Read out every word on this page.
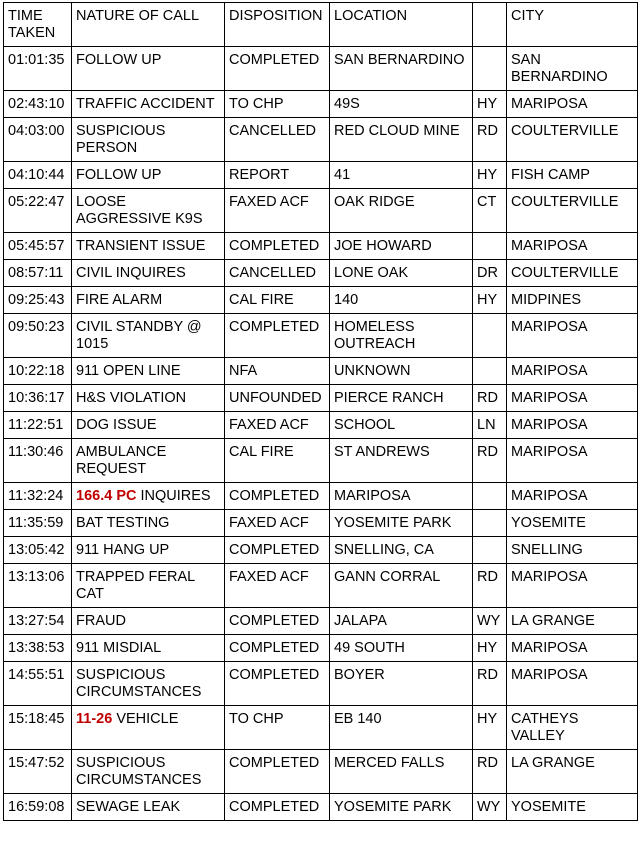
TIME TAKEN	NATURE OF CALL	DISPOSITION	LOCATION		CITY
01:01:35	FOLLOW UP	COMPLETED	SAN BERNARDINO		SAN BERNARDINO
02:43:10	TRAFFIC ACCIDENT	TO CHP	49S	HY	MARIPOSA
04:03:00	SUSPICIOUS PERSON	CANCELLED	RED CLOUD MINE	RD	COULTERVILLE
04:10:44	FOLLOW UP	REPORT	41	HY	FISH CAMP
05:22:47	LOOSE AGGRESSIVE K9S	FAXED ACF	OAK RIDGE	CT	COULTERVILLE
05:45:57	TRANSIENT ISSUE	COMPLETED	JOE HOWARD		MARIPOSA
08:57:11	CIVIL INQUIRES	CANCELLED	LONE OAK	DR	COULTERVILLE
09:25:43	FIRE ALARM	CAL FIRE	140	HY	MIDPINES
09:50:23	CIVIL STANDBY @ 1015	COMPLETED	HOMELESS OUTREACH		MARIPOSA
10:22:18	911 OPEN LINE	NFA	UNKNOWN		MARIPOSA
10:36:17	H&S VIOLATION	UNFOUNDED	PIERCE RANCH	RD	MARIPOSA
11:22:51	DOG ISSUE	FAXED ACF	SCHOOL	LN	MARIPOSA
11:30:46	AMBULANCE REQUEST	CAL FIRE	ST ANDREWS	RD	MARIPOSA
11:32:24	166.4 PC INQUIRES	COMPLETED	MARIPOSA		MARIPOSA
11:35:59	BAT TESTING	FAXED ACF	YOSEMITE PARK		YOSEMITE
13:05:42	911 HANG UP	COMPLETED	SNELLING, CA		SNELLING
13:13:06	TRAPPED FERAL CAT	FAXED ACF	GANN CORRAL	RD	MARIPOSA
13:27:54	FRAUD	COMPLETED	JALAPA	WY	LA GRANGE
13:38:53	911 MISDIAL	COMPLETED	49 SOUTH	HY	MARIPOSA
14:55:51	SUSPICIOUS CIRCUMSTANCES	COMPLETED	BOYER	RD	MARIPOSA
15:18:45	11-26 VEHICLE	TO CHP	EB 140	HY	CATHEYS VALLEY
15:47:52	SUSPICIOUS CIRCUMSTANCES	COMPLETED	MERCED FALLS	RD	LA GRANGE
16:59:08	SEWAGE LEAK	COMPLETED	YOSEMITE PARK	WY	YOSEMITE
